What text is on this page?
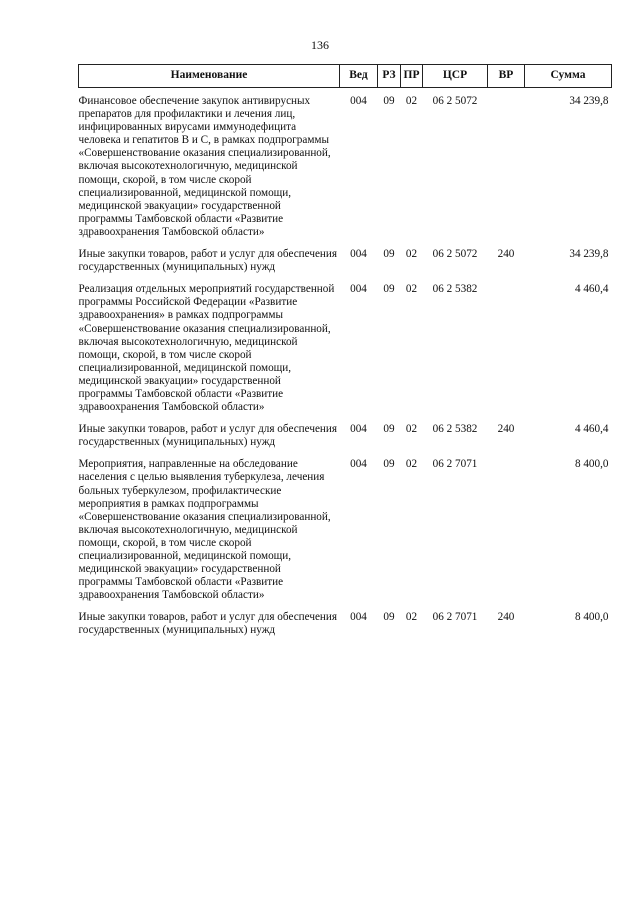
136
Наименование	Вед	РЗ	ПР	ЦСР	ВР	Сумма
Финансовое обеспечение закупок антивирусных препаратов для профилактики и лечения лиц, инфицированных вирусами иммунодефицита человека и гепатитов В и С, в рамках подпрограммы «Совершенствование оказания специализированной, включая высокотехнологичную, медицинской помощи, скорой, в том числе скорой специализированной, медицинской помощи, медицинской эвакуации» государственной программы Тамбовской области «Развитие здравоохранения Тамбовской области»	004	09	02	06 2 5072		34 239,8
Иные закупки товаров, работ и услуг для обеспечения государственных (муниципальных) нужд	004	09	02	06 2 5072	240	34 239,8
Реализация отдельных мероприятий государственной программы Российской Федерации «Развитие здравоохранения» в рамках подпрограммы «Совершенствование оказания специализированной, включая высокотехнологичную, медицинской помощи, скорой, в том числе скорой специализированной, медицинской помощи, медицинской эвакуации» государственной программы Тамбовской области «Развитие здравоохранения Тамбовской области»	004	09	02	06 2 5382		4 460,4
Иные закупки товаров, работ и услуг для обеспечения государственных (муниципальных) нужд	004	09	02	06 2 5382	240	4 460,4
Мероприятия, направленные на обследование населения с целью выявления туберкулеза, лечения больных туберкулезом, профилактические мероприятия в рамках подпрограммы «Совершенствование оказания специализированной, включая высокотехнологичную, медицинской помощи, скорой, в том числе скорой специализированной, медицинской помощи, медицинской эвакуации» государственной программы Тамбовской области «Развитие здравоохранения Тамбовской области»	004	09	02	06 2 7071		8 400,0
Иные закупки товаров, работ и услуг для обеспечения государственных (муниципальных) нужд	004	09	02	06 2 7071	240	8 400,0
